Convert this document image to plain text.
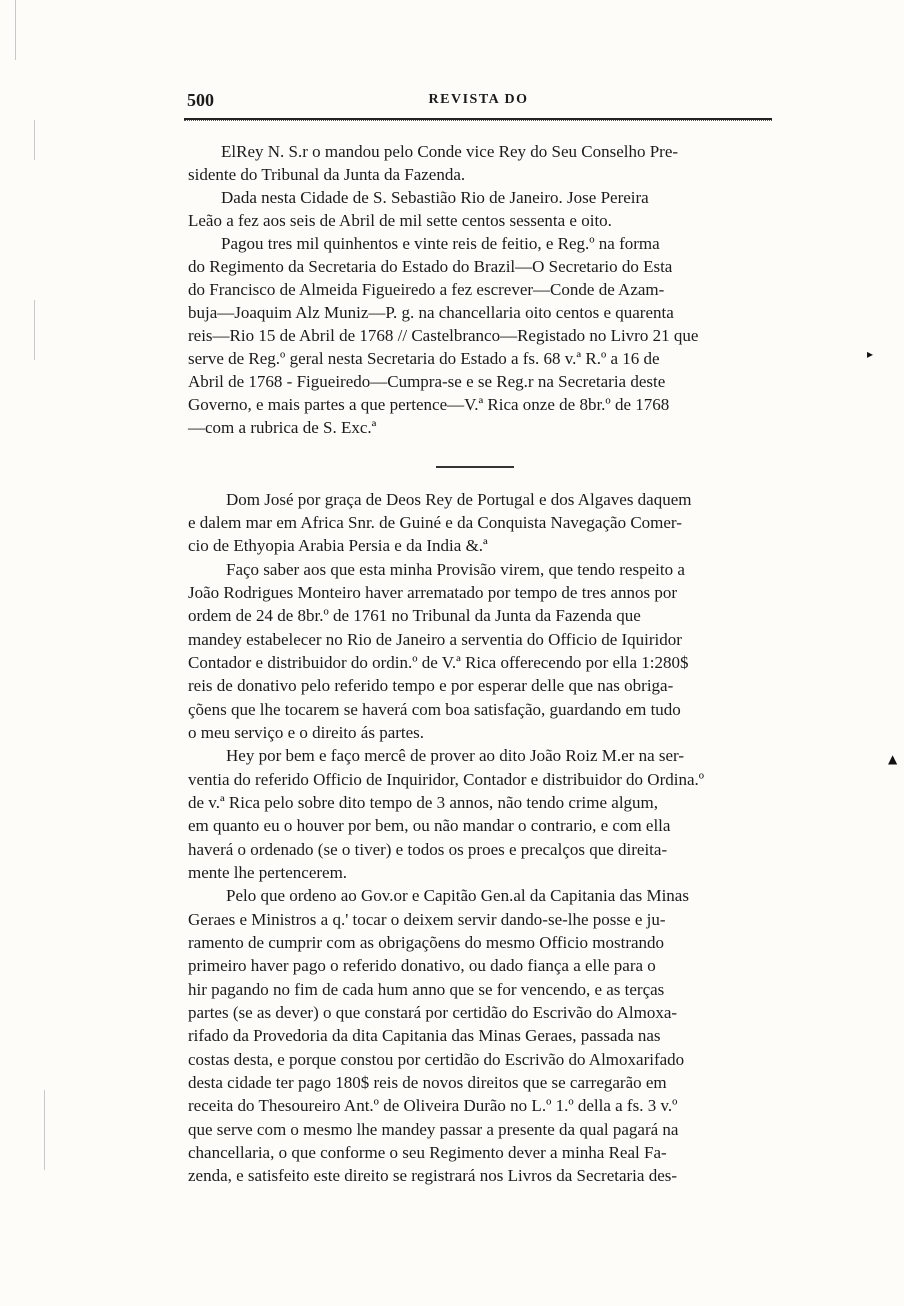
500	REVISTA DO
ElRey N. S.r o mandou pelo Conde vice Rey do Seu Conselho Pre-
sidente do Tribunal da Junta da Fazenda.
Dada nesta Cidade de S. Sebastião Rio de Janeiro. Jose Pereira
Leão a fez aos seis de Abril de mil sette centos sessenta e oito.
Pagou tres mil quinhentos e vinte reis de feitio, e Reg.º na forma
do Regimento da Secretaria do Estado do Brazil—O Secretario do Esta
do Francisco de Almeida Figueiredo a fez escrever—Conde de Azam-
buja—Joaquim Alz Muniz—P. g. na chancellaria oito centos e quarenta
reis—Rio 15 de Abril de 1768 // Castelbranco—Registado no Livro 21 que
serve de Reg.º geral nesta Secretaria do Estado a fs. 68 v.ª R.º a 16 de
Abril de 1768 - Figueiredo—Cumpra-se e se Reg.r na Secretaria deste
Governo, e mais partes a que pertence—V.ª Rica onze de 8br.º de 1768
—com a rubrica de S. Exc.ª
Dom José por graça de Deos Rey de Portugal e dos Algaves daquem
e dalem mar em Africa Snr. de Guiné e da Conquista Navegação Comer-
cio de Ethyopia Arabia Persia e da India &.ª
Faço saber aos que esta minha Provisão virem, que tendo respeito a
João Rodrigues Monteiro haver arrematado por tempo de tres annos por
ordem de 24 de 8br.º de 1761 no Tribunal da Junta da Fazenda que
mandey estabelecer no Rio de Janeiro a serventia do Officio de Iquiridor
Contador e distribuidor do ordin.º de V.ª Rica offerecendo por ella 1:280$
reis de donativo pelo referido tempo e por esperar delle que nas obriga-
çõens que lhe tocarem se haverá com boa satisfação, guardando em tudo
o meu serviço e o direito ás partes.
Hey por bem e faço mercê de prover ao dito João Roiz M.er na ser-
ventia do referido Officio de Inquiridor, Contador e distribuidor do Ordina.º
de v.ª Rica pelo sobre dito tempo de 3 annos, não tendo crime algum,
em quanto eu o houver por bem, ou não mandar o contrario, e com ella
haverá o ordenado (se o tiver) e todos os proes e precalços que direita-
mente lhe pertencerem.
Pelo que ordeno ao Gov.or e Capitão Gen.al da Capitania das Minas
Geraes e Ministros a q.' tocar o deixem servir dando-se-lhe posse e ju-
ramento de cumprir com as obrigaçõens do mesmo Officio mostrando
primeiro haver pago o referido donativo, ou dado fiança a elle para o
hir pagando no fim de cada hum anno que se for vencendo, e as terças
partes (se as dever) o que constará por certidão do Escrivão do Almoxa-
rifado da Provedoria da dita Capitania das Minas Geraes, passada nas
costas desta, e porque constou por certidão do Escrivão do Almoxarifado
desta cidade ter pago 180$ reis de novos direitos que se carregarão em
receita do Thesoureiro Ant.º de Oliveira Durão no L.º 1.º della a fs. 3 v.º
que serve com o mesmo lhe mandey passar a presente da qual pagará na
chancellaria, o que conforme o seu Regimento dever a minha Real Fa-
zenda, e satisfeito este direito se registrará nos Livros da Secretaria des-
▸
▲
